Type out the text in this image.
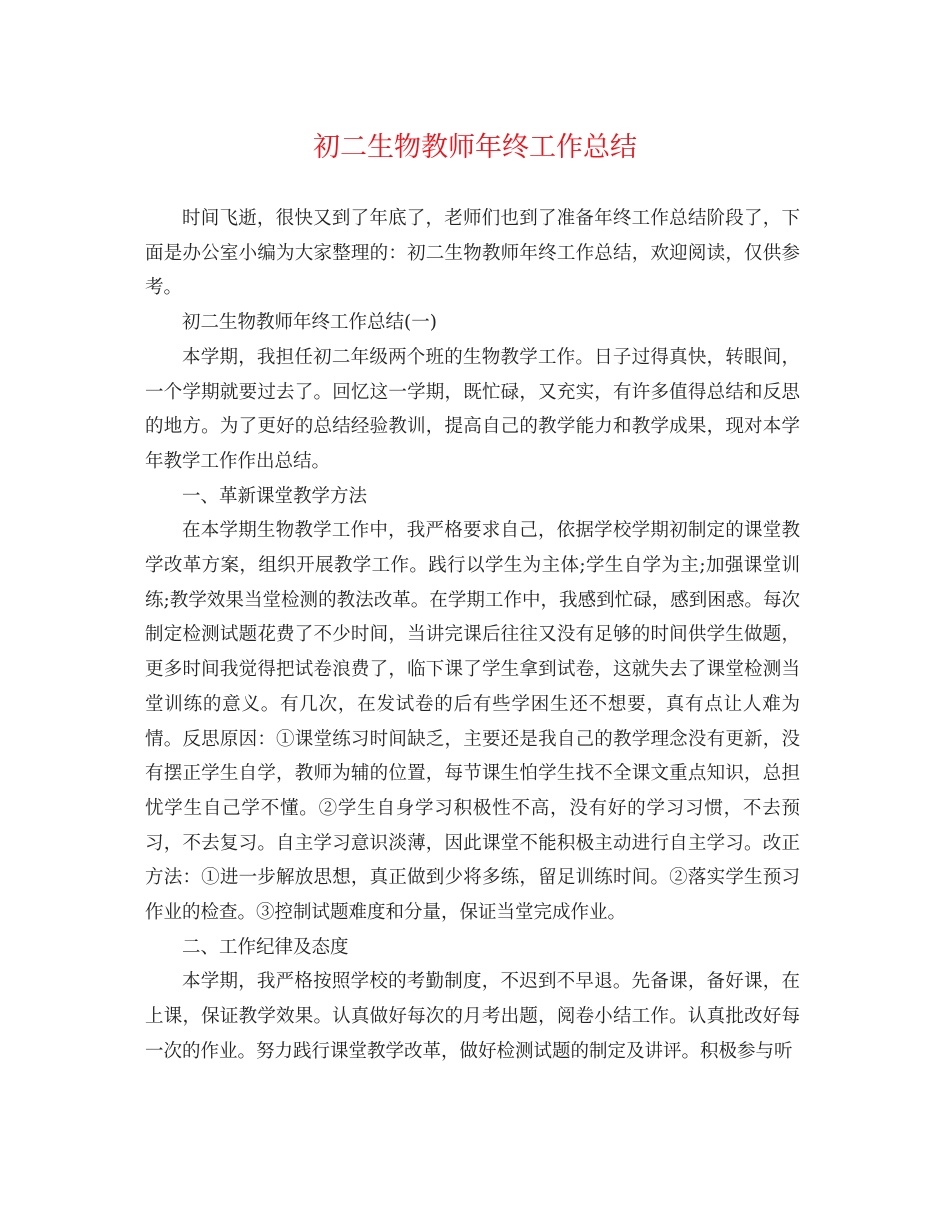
初二生物教师年终工作总结

时间飞逝，很快又到了年底了，老师们也到了准备年终工作总结阶段了，下面是办公室小编为大家整理的：初二生物教师年终工作总结，欢迎阅读，仅供参考。

初二生物教师年终工作总结(一)

本学期，我担任初二年级两个班的生物教学工作。日子过得真快，转眼间，一个学期就要过去了。回忆这一学期，既忙碌，又充实，有许多值得总结和反思的地方。为了更好的总结经验教训，提高自己的教学能力和教学成果，现对本学年教学工作作出总结。

一、革新课堂教学方法

在本学期生物教学工作中，我严格要求自己，依据学校学期初制定的课堂教学改革方案，组织开展教学工作。践行以学生为主体;学生自学为主;加强课堂训练;教学效果当堂检测的教法改革。在学期工作中，我感到忙碌，感到困惑。每次制定检测试题花费了不少时间，当讲完课后往往又没有足够的时间供学生做题，更多时间我觉得把试卷浪费了，临下课了学生拿到试卷，这就失去了课堂检测当堂训练的意义。有几次，在发试卷的后有些学困生还不想要，真有点让人难为情。反思原因：①课堂练习时间缺乏，主要还是我自己的教学理念没有更新，没有摆正学生自学，教师为辅的位置，每节课生怕学生找不全课文重点知识，总担忧学生自己学不懂。②学生自身学习积极性不高，没有好的学习习惯，不去预习，不去复习。自主学习意识淡薄，因此课堂不能积极主动进行自主学习。改正方法：①进一步解放思想，真正做到少将多练，留足训练时间。②落实学生预习作业的检查。③控制试题难度和分量，保证当堂完成作业。

二、工作纪律及态度

本学期，我严格按照学校的考勤制度，不迟到不早退。先备课，备好课，在上课，保证教学效果。认真做好每次的月考出题，阅卷小结工作。认真批改好每一次的作业。努力践行课堂教学改革，做好检测试题的制定及讲评。积极参与听
